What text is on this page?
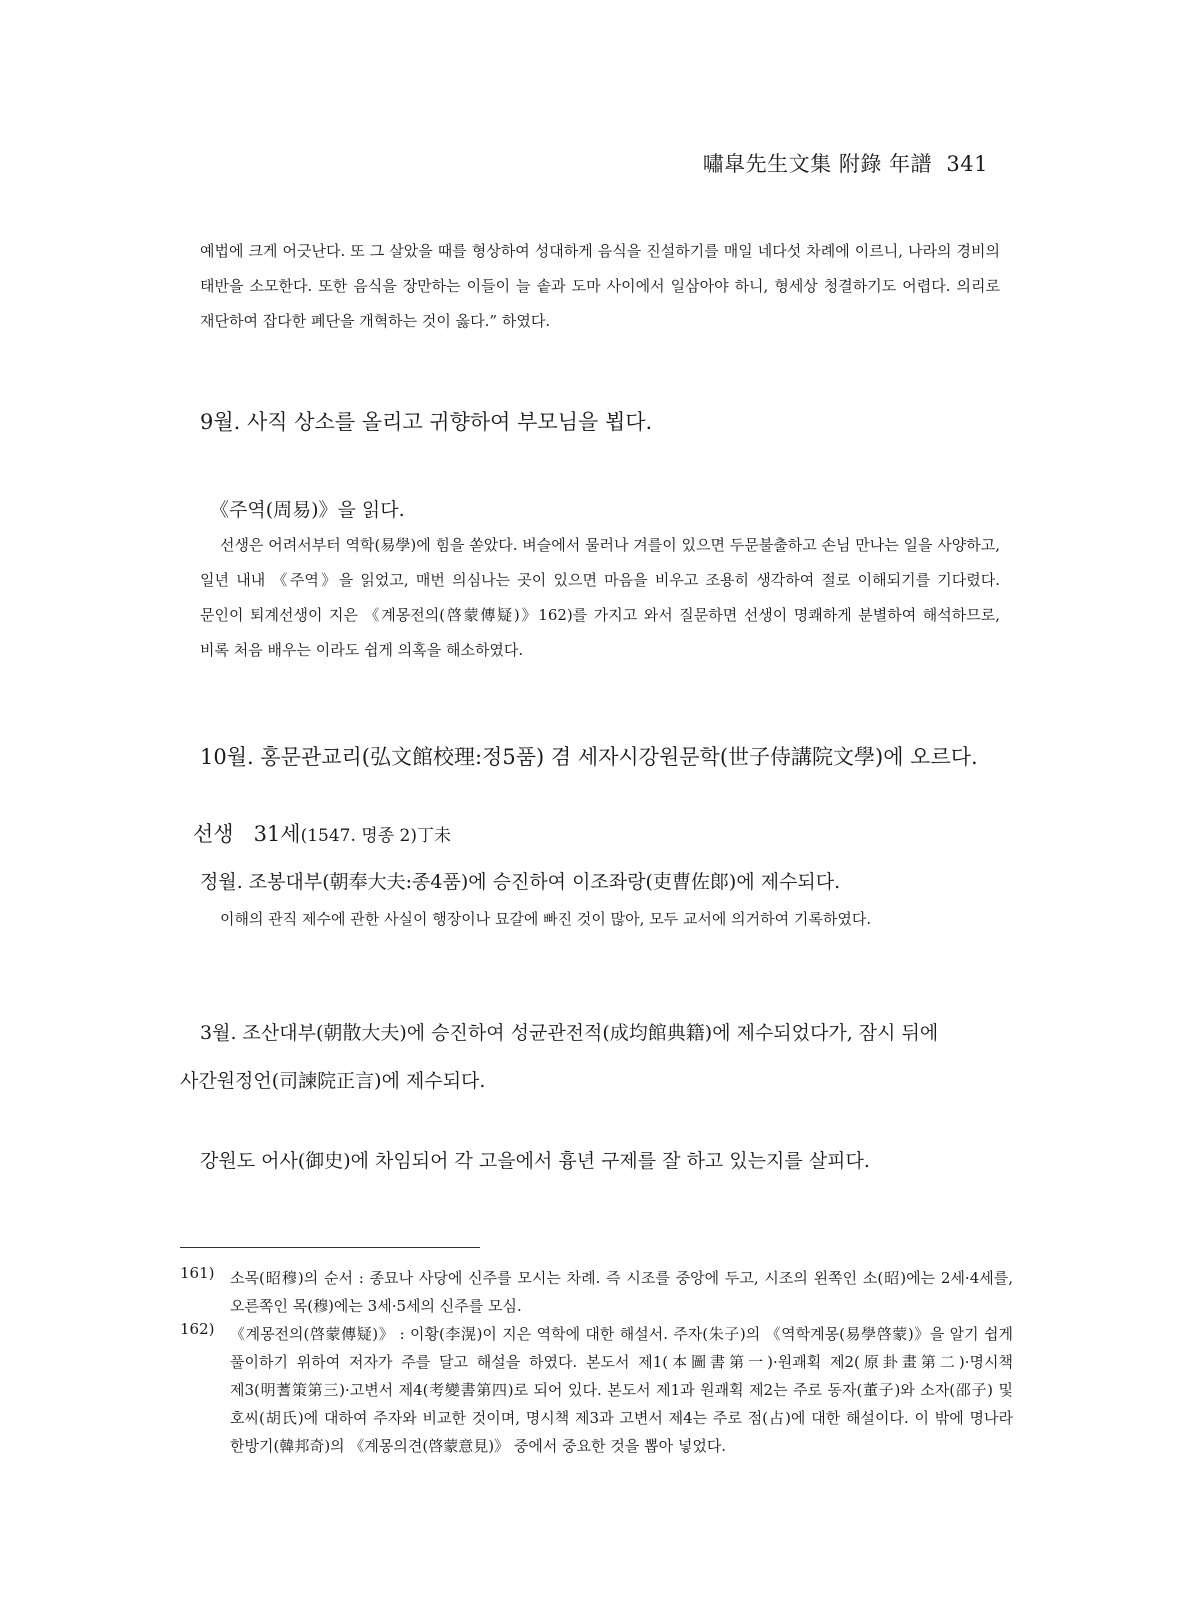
嘯皐先生文集 附錄 年譜 341
예법에 크게 어긋난다. 또 그 살았을 때를 형상하여 성대하게 음식을 진설하기를 매일 네다섯 차례에 이르니, 나라의 경비의 태반을 소모한다. 또한 음식을 장만하는 이들이 늘 솥과 도마 사이에서 일삼아야 하니, 형세상 청결하기도 어렵다. 의리로 재단하여 잡다한 폐단을 개혁하는 것이 옳다.” 하였다.
9월. 사직 상소를 올리고 귀향하여 부모님을 뵙다.
《주역(周易)》을 읽다.
선생은 어려서부터 역학(易學)에 힘을 쏟았다. 벼슬에서 물러나 겨를이 있으면 두문불출하고 손님 만나는 일을 사양하고, 일년 내내 《주역》을 읽었고, 매번 의심나는 곳이 있으면 마음을 비우고 조용히 생각하여 절로 이해되기를 기다렸다. 문인이 퇴계선생이 지은 《계몽전의(啓蒙傳疑)》162)를 가지고 와서 질문하면 선생이 명쾌하게 분별하여 해석하므로, 비록 처음 배우는 이라도 쉽게 의혹을 해소하였다.
10월. 홍문관교리(弘文館校理:정5품) 겸 세자시강원문학(世子侍講院文學)에 오르다.
선생 31세(1547. 명종 2)丁未
정월. 조봉대부(朝奉大夫:종4품)에 승진하여 이조좌랑(吏曹佐郞)에 제수되다.
이해의 관직 제수에 관한 사실이 행장이나 묘갈에 빠진 것이 많아, 모두 교서에 의거하여 기록하였다.
3월. 조산대부(朝散大夫)에 승진하여 성균관전적(成均館典籍)에 제수되었다가, 잠시 뒤에
사간원정언(司諫院正言)에 제수되다.
강원도 어사(御史)에 차임되어 각 고을에서 흉년 구제를 잘 하고 있는지를 살피다.
161) 소목(昭穆)의 순서 : 종묘나 사당에 신주를 모시는 차례. 즉 시조를 중앙에 두고, 시조의 왼쪽인 소(昭)에는 2세·4세를, 오른쪽인 목(穆)에는 3세·5세의 신주를 모심.
162) 《계몽전의(啓蒙傳疑)》 : 이황(李滉)이 지은 역학에 대한 해설서. 주자(朱子)의 《역학계몽(易學啓蒙)》을 알기 쉽게 풀이하기 위하여 저자가 주를 달고 해설을 하였다. 본도서 제1(本圖書第一)·원괘획 제2(原卦畫第二)·명시책 제3(明蓍策第三)·고변서 제4(考變書第四)로 되어 있다. 본도서 제1과 원괘획 제2는 주로 동자(董子)와 소자(邵子) 및 호씨(胡氏)에 대하여 주자와 비교한 것이며, 명시책 제3과 고변서 제4는 주로 점(占)에 대한 해설이다. 이 밖에 명나라 한방기(韓邦奇)의 《계몽의견(啓蒙意見)》 중에서 중요한 것을 뽑아 넣었다.
